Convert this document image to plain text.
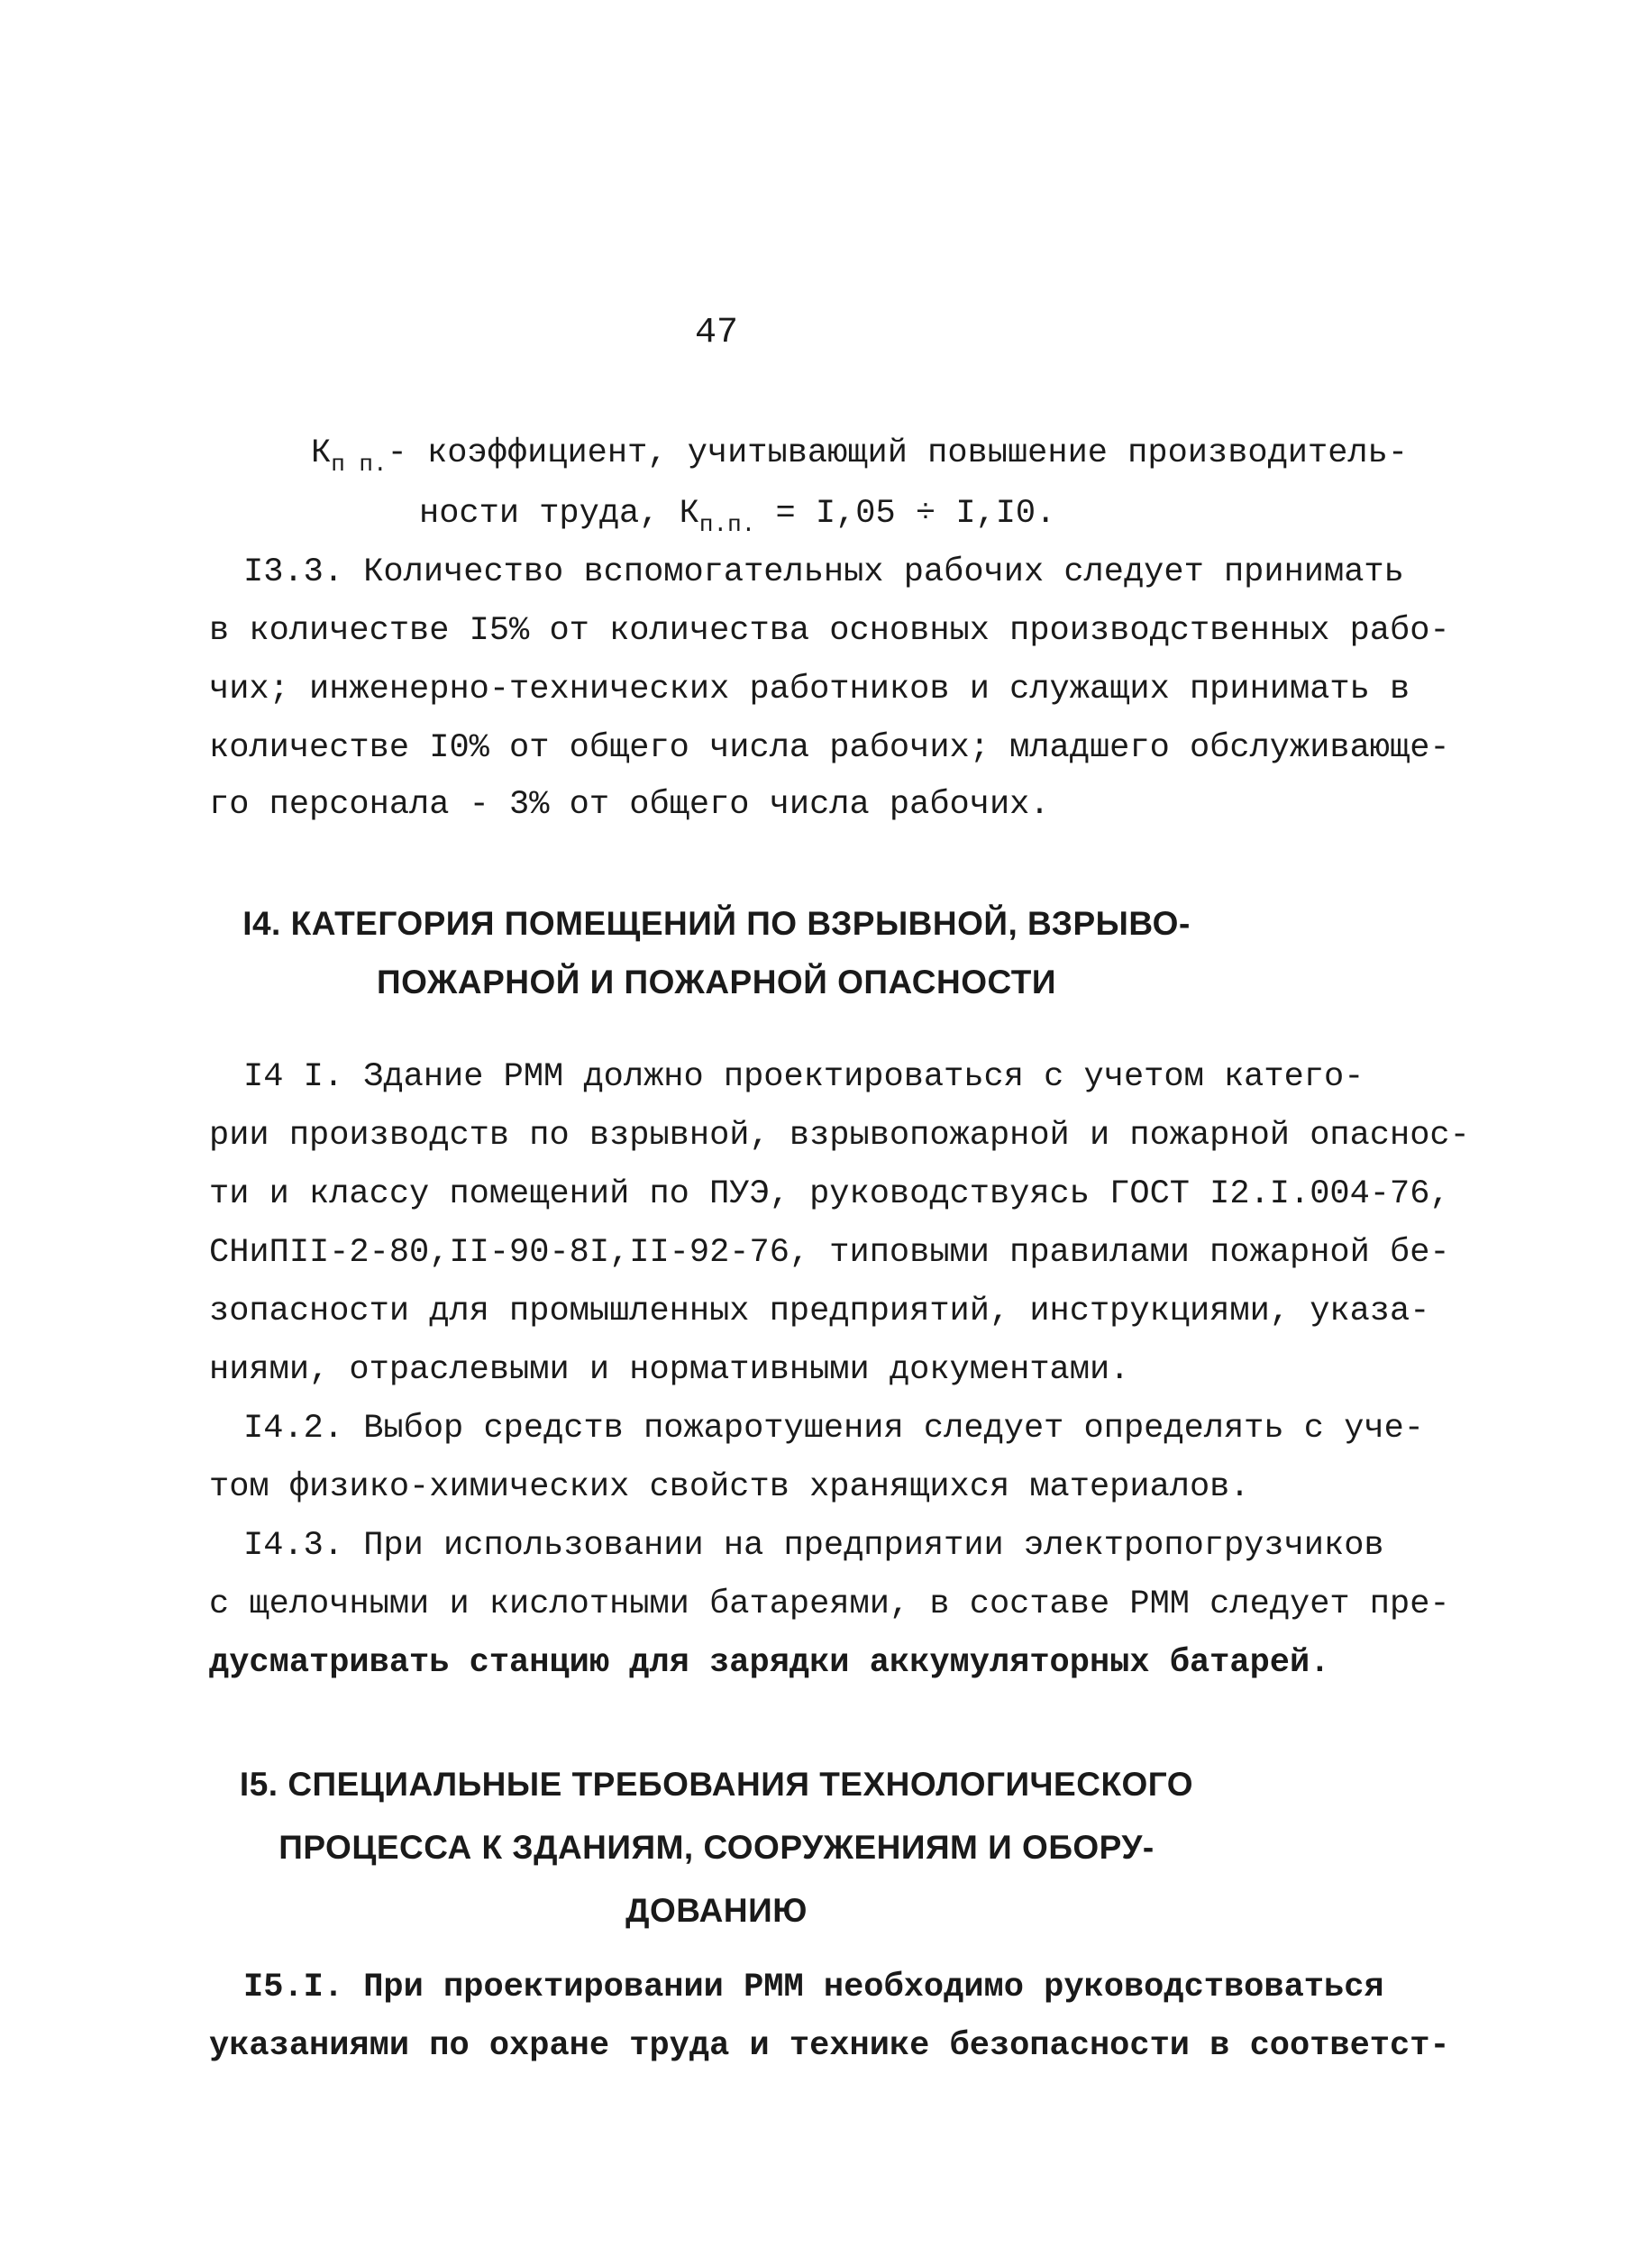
47
$К_{п п.}-$ коэффициент, учитывающий повышение производитель-
ности труда, $К_{п.п.} = I,05 \div I,I0$.
I3.3. Количество вспомогательных рабочих следует принимать
в количестве I5% от количества основных производственных рабо-
чих; инженерно-технических работников и служащих принимать в
количестве I0% от общего числа рабочих; младшего обслуживающе-
го персонала - 3% от общего числа рабочих.
I4. КАТЕГОРИЯ ПОМЕЩЕНИЙ ПО ВЗРЫВНОЙ, ВЗРЫВО-
ПОЖАРНОЙ И ПОЖАРНОЙ ОПАСНОСТИ
I4 I. Здание РММ должно проектироваться с учетом катего-
рии производств по взрывной, взрывопожарной и пожарной опаснос-
ти и классу помещений по ПУЭ, руководствуясь ГОСТ I2.I.004-76,
СНиПII-2-80,II-90-8I,II-92-76, типовыми правилами пожарной бе-
зопасности для промышленных предприятий, инструкциями, указа-
ниями, отраслевыми и нормативными документами.
I4.2. Выбор средств пожаротушения следует определять с уче-
том физико-химических свойств хранящихся материалов.
I4.3. При использовании на предприятии электропогрузчиков
с щелочными и кислотными батареями, в составе РММ следует пре-
дусматривать станцию для зарядки аккумуляторных батарей.
I5. СПЕЦИАЛЬНЫЕ ТРЕБОВАНИЯ ТЕХНОЛОГИЧЕСКОГО
ПРОЦЕССА К ЗДАНИЯМ, СООРУЖЕНИЯМ И ОБОРУ-
ДОВАНИЮ
I5.I. При проектировании РММ необходимо руководствоваться
указаниями по охране труда и технике безопасности в соответст-
